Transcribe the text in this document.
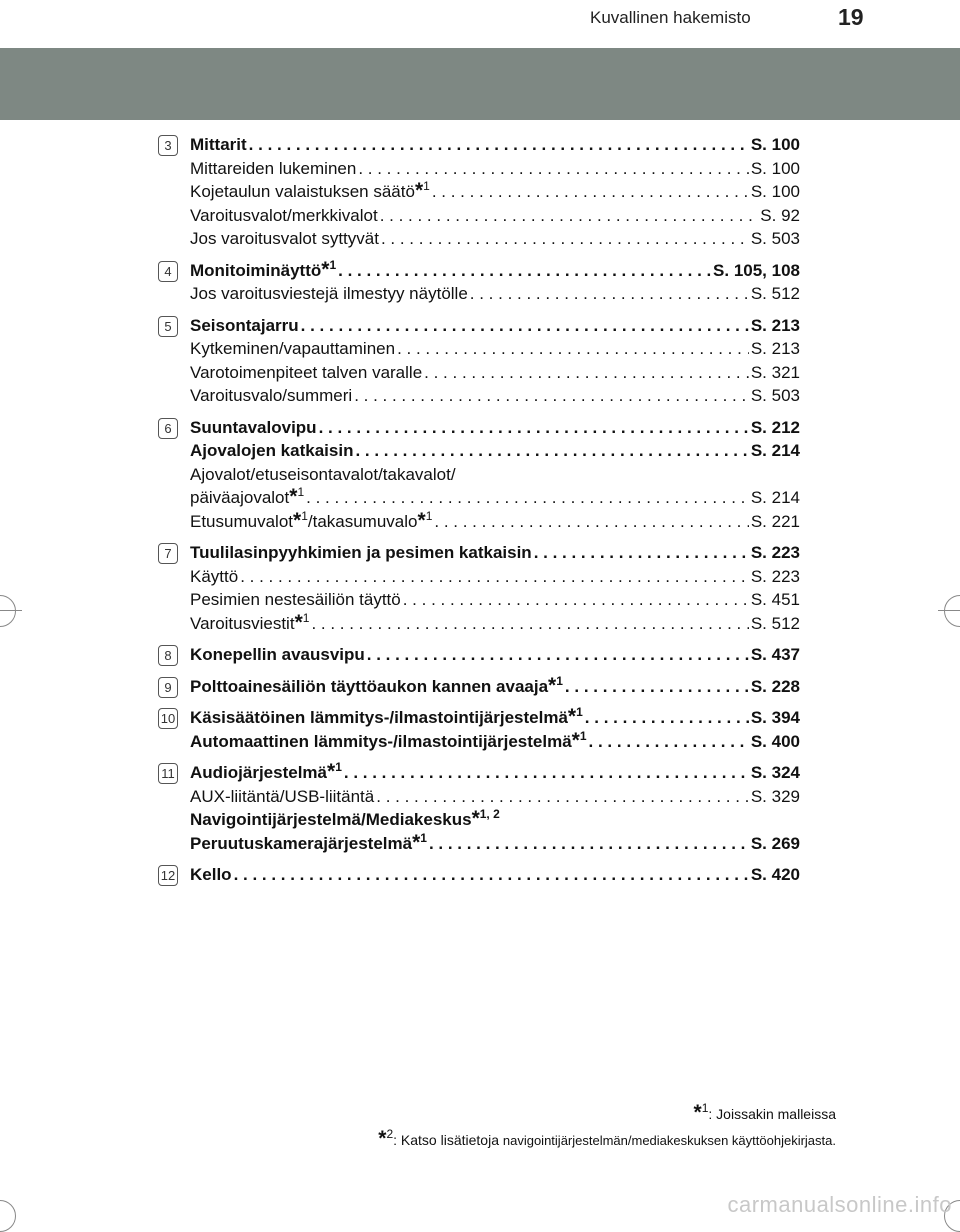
Kuvallinen hakemisto	19
3	Mittarit . . .	S. 100
Mittareiden lukeminen . . .	S. 100
Kojetaulun valaistuksen säätö*$^1$ . . .	S. 100
Varoitusvalot/merkkivalot . . .	S. 92
Jos varoitusvalot syttyvät . . .	S. 503
4	Monitoiminäyttö*$^1$ . . .	S. 105, 108
Jos varoitusviestejä ilmestyy näytölle . . .	S. 512
5	Seisontajarru . . .	S. 213
Kytkeminen/vapauttaminen . . .	S. 213
Varotoimenpiteet talven varalle . . .	S. 321
Varoitusvalo/summeri . . .	S. 503
6	Suuntavalovipu . . .	S. 212
Ajovalojen katkaisin . . .	S. 214
Ajovalot/etuseisontavalot/takavalot/
päiväajovalot*$^1$ . . .	S. 214
Etusumuvalot*$^1$/takasumuvalo*$^1$ . . .	S. 221
7	Tuulilasinpyyhkimien ja pesimen katkaisin . . .	S. 223
Käyttö . . .	S. 223
Pesimien nestesäiliön täyttö . . .	S. 451
Varoitusviestit*$^1$ . . .	S. 512
8	Konepellin avausvipu . . .	S. 437
9	Polttoainesäiliön täyttöaukon kannen avaaja*$^1$ . . .	S. 228
10 Käsisäätöinen lämmitys-/ilmastointijärjestelmä*$^1$ . . .	S. 394
Automaattinen lämmitys-/ilmastointijärjestelmä*$^1$ . . .	S. 400
11 Audiojärjestelmä*$^1$ . . .	S. 324
AUX-liitäntä/USB-liitäntä . . .	S. 329
Navigointijärjestelmä/Mediakeskus*$^{1, 2}$
Peruutuskamerajärjestelmä*$^1$ . . .	S. 269
12 Kello . . .	S. 420
*$^1$: Joissakin malleissa
*$^2$: Katso lisätietoja navigointijärjestelmän/mediakeskuksen käyttöohjekirjasta.
carmanualsonline.info
